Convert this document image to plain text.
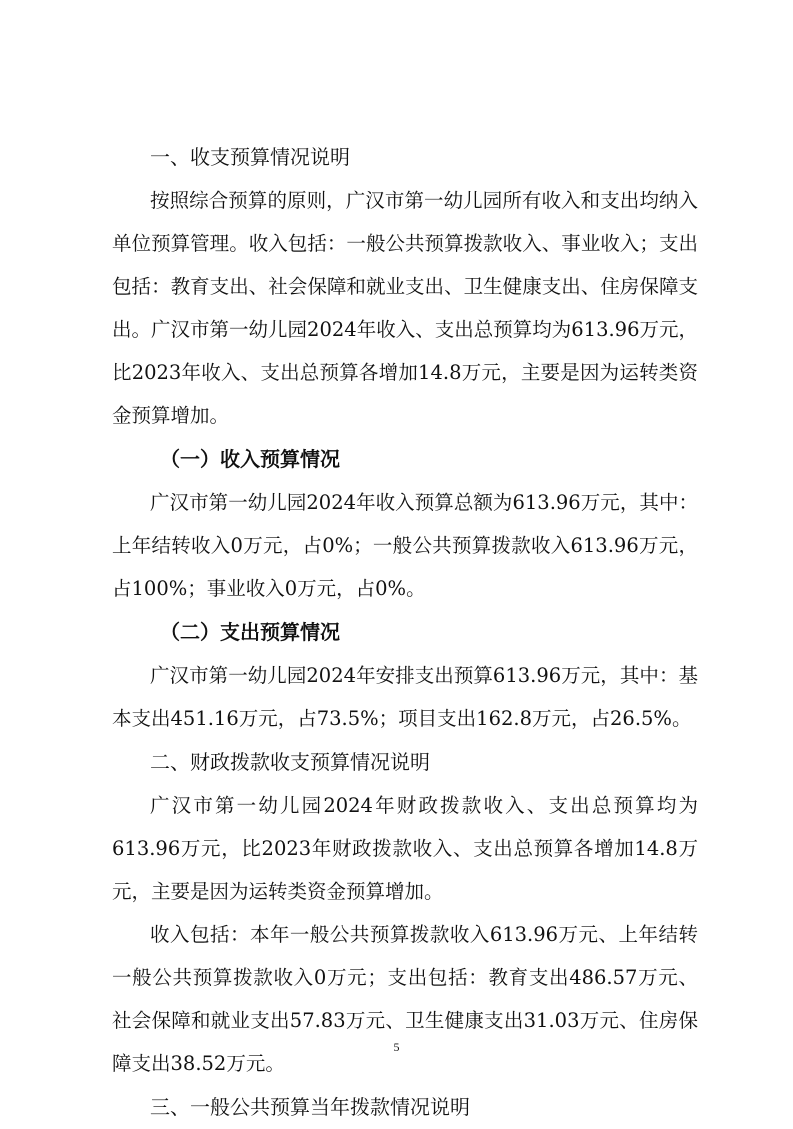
一、收支预算情况说明

按照综合预算的原则，广汉市第一幼儿园所有收入和支出均纳入单位预算管理。收入包括：一般公共预算拨款收入、事业收入；支出包括：教育支出、社会保障和就业支出、卫生健康支出、住房保障支出。广汉市第一幼儿园2024年收入、支出总预算均为613.96万元，比2023年收入、支出总预算各增加14.8万元，主要是因为运转类资金预算增加。

（一）收入预算情况

广汉市第一幼儿园2024年收入预算总额为613.96万元，其中：上年结转收入0万元，占0%；一般公共预算拨款收入613.96万元，占100%；事业收入0万元，占0%。

（二）支出预算情况

广汉市第一幼儿园2024年安排支出预算613.96万元，其中：基本支出451.16万元，占73.5%；项目支出162.8万元，占26.5%。

二、财政拨款收支预算情况说明

广汉市第一幼儿园2024年财政拨款收入、支出总预算均为613.96万元，比2023年财政拨款收入、支出总预算各增加14.8万元，主要是因为运转类资金预算增加。

收入包括：本年一般公共预算拨款收入613.96万元、上年结转一般公共预算拨款收入0万元；支出包括：教育支出486.57万元、社会保障和就业支出57.83万元、卫生健康支出31.03万元、住房保障支出38.52万元。

三、一般公共预算当年拨款情况说明
5
